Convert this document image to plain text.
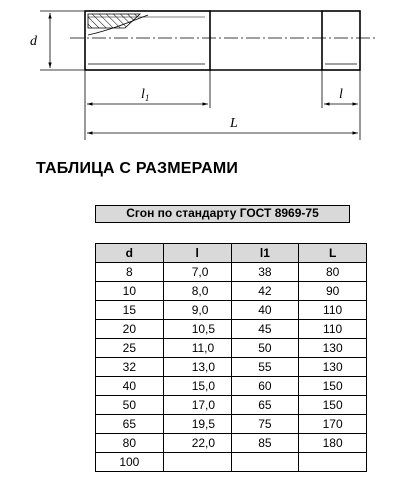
d
$l_1$	l
L
ТАБЛИЦА С РАЗМЕРАМИ
Сгон по стандарту ГОСТ 8969-75
d	l	l1	L
8	7,0	38	80
10	8,0	42	90
15	9,0	40	110
20	10,5	45	110
25	11,0	50	130
32	13,0	55	130
40	15,0	60	150
50	17,0	65	150
65	19,5	75	170
80	22,0	85	180
100			
